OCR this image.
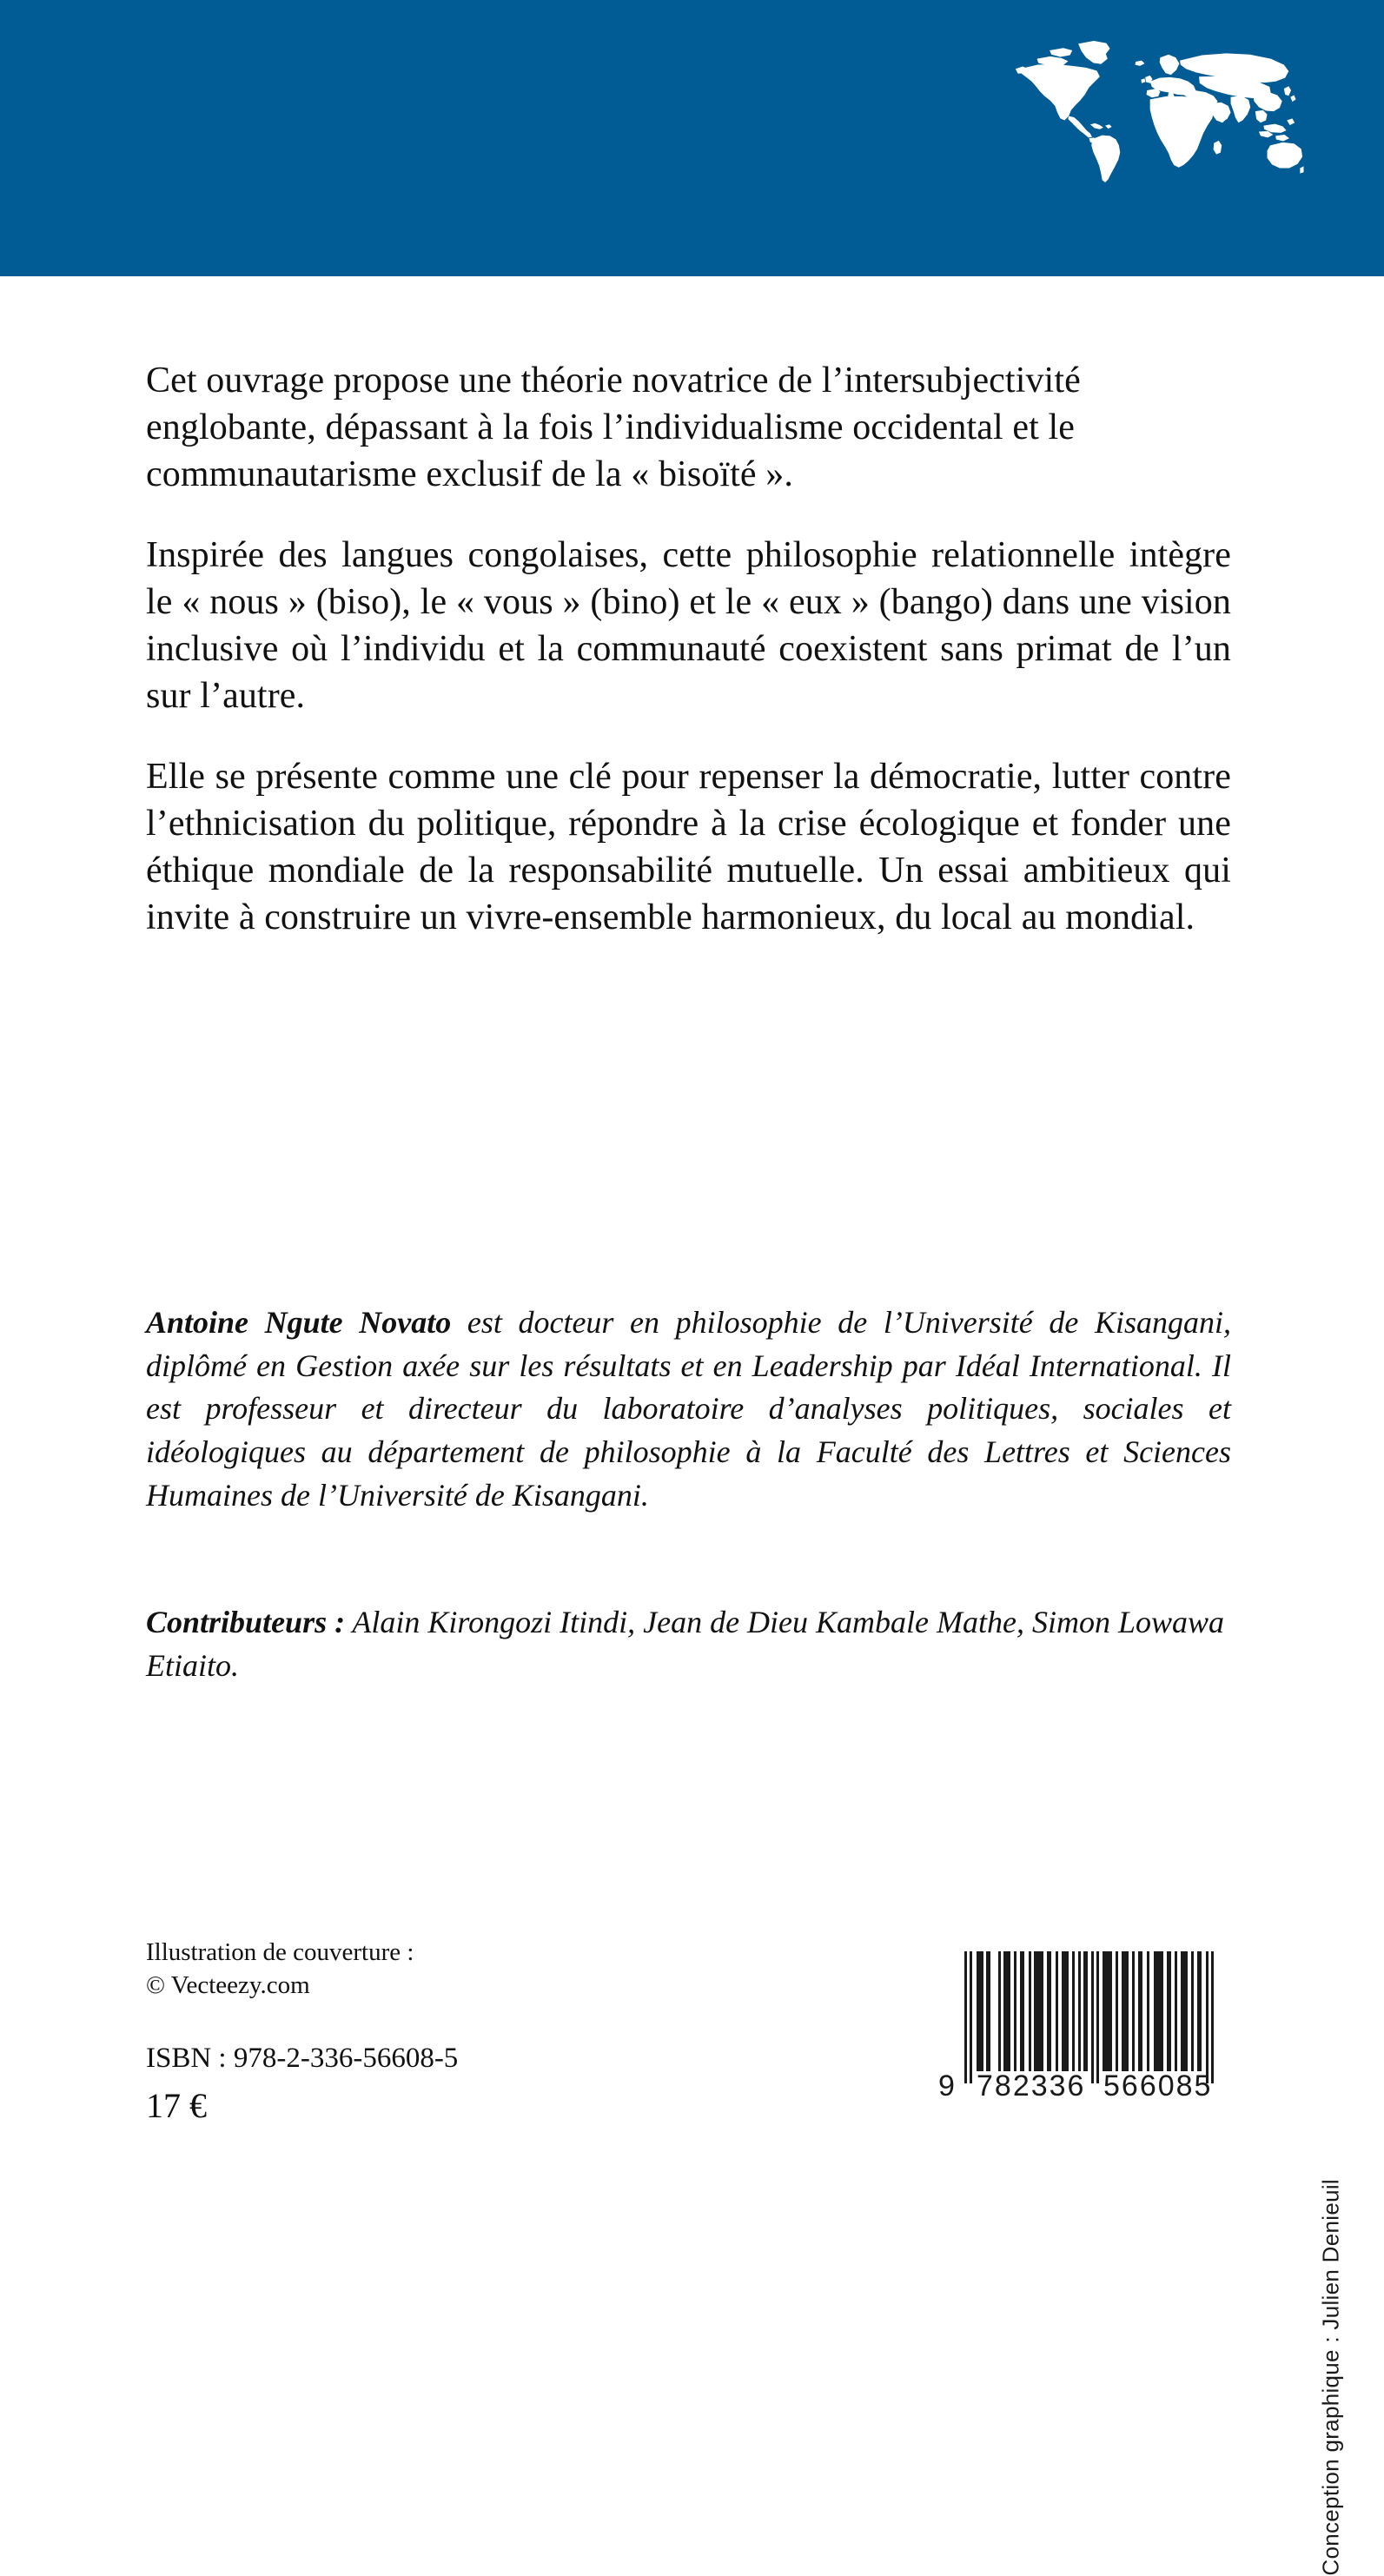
Cet ouvrage propose une théorie novatrice de l’intersubjectivité englobante, dépassant à la fois l’individualisme occidental et le communautarisme exclusif de la « bisoïté ».

Inspirée des langues congolaises, cette philosophie relationnelle intègre le « nous » (biso), le « vous » (bino) et le « eux » (bango) dans une vision inclusive où l’individu et la communauté coexistent sans primat de l’un sur l’autre.

Elle se présente comme une clé pour repenser la démocratie, lutter contre l’ethnicisation du politique, répondre à la crise écologique et fonder une éthique mondiale de la responsabilité mutuelle. Un essai ambitieux qui invite à construire un vivre-ensemble harmonieux, du local au mondial.

Antoine Ngute Novato est docteur en philosophie de l’Université de Kisangani, diplômé en Gestion axée sur les résultats et en Leadership par Idéal International. Il est professeur et directeur du laboratoire d’analyses politiques, sociales et idéologiques au département de philosophie à la Faculté des Lettres et Sciences Humaines de l’Université de Kisangani.

Contributeurs : Alain Kirongozi Itindi, Jean de Dieu Kambale Mathe, Simon Lowawa Etiaito.

Illustration de couverture :
© Vecteezy.com

ISBN : 978-2-336-56608-5

17 €	9 782336 566085
Conception graphique : Julien Denieuil
